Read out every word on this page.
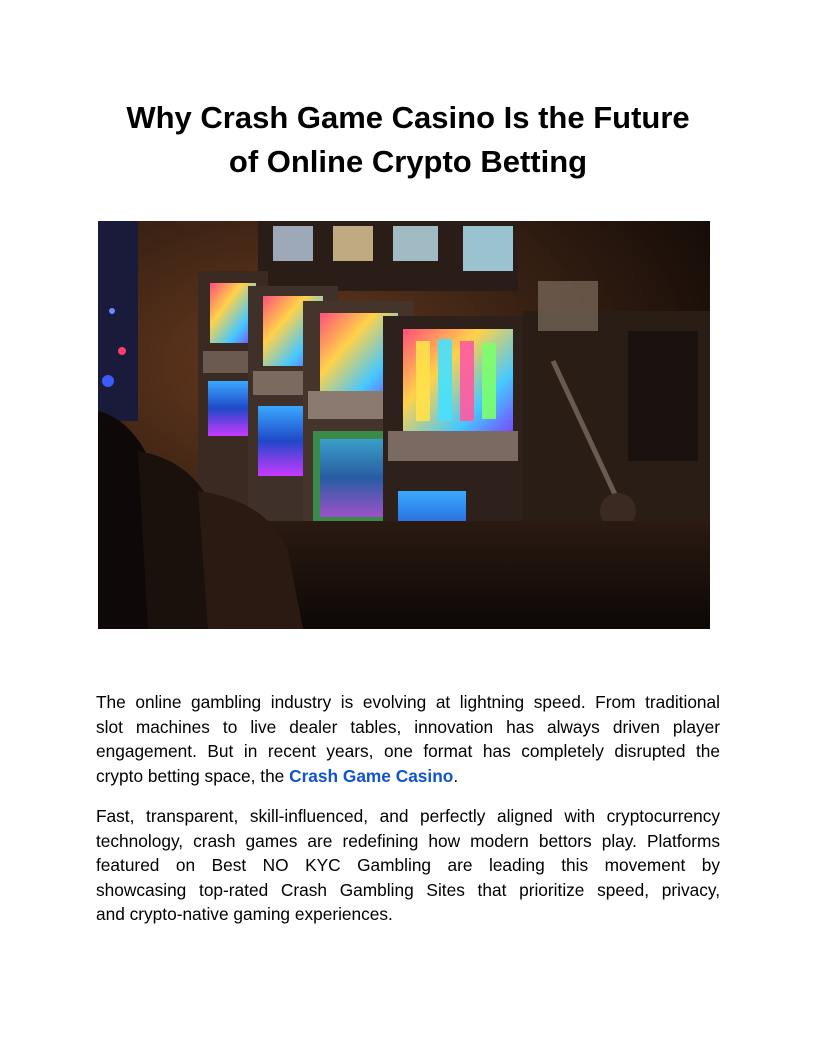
Why Crash Game Casino Is the Future
of Online Crypto Betting

The online gambling industry is evolving at lightning speed. From traditional
slot machines to live dealer tables, innovation has always driven player
engagement. But in recent years, one format has completely disrupted the
crypto betting space, the Crash Game Casino.

Fast, transparent, skill-influenced, and perfectly aligned with cryptocurrency
technology, crash games are redefining how modern bettors play. Platforms
featured on Best NO KYC Gambling are leading this movement by
showcasing top-rated Crash Gambling Sites that prioritize speed, privacy,
and crypto-native gaming experiences.
